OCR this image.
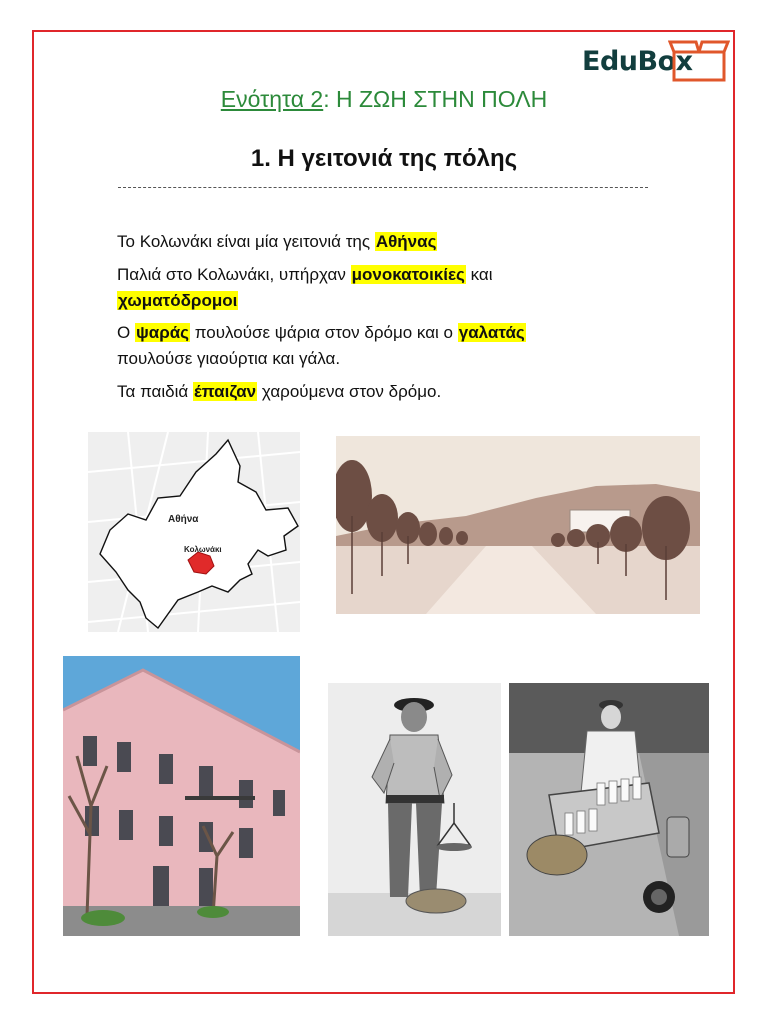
EduBox
Ενότητα 2: Η ΖΩΗ ΣΤΗΝ ΠΟΛΗ
1. Η γειτονιά της πόλης
Το Κολωνάκι είναι μία γειτονιά της Αθήνας
Παλιά στο Κολωνάκι, υπήρχαν μονοκατοικίες και
χωματόδρομοι
Ο ψαράς πουλούσε ψάρια στον δρόμο και ο γαλατάς
πουλούσε γιαούρτια και γάλα.
Τα παιδιά έπαιζαν χαρούμενα στον δρόμο.
Αθήνα
Κολωνάκι
